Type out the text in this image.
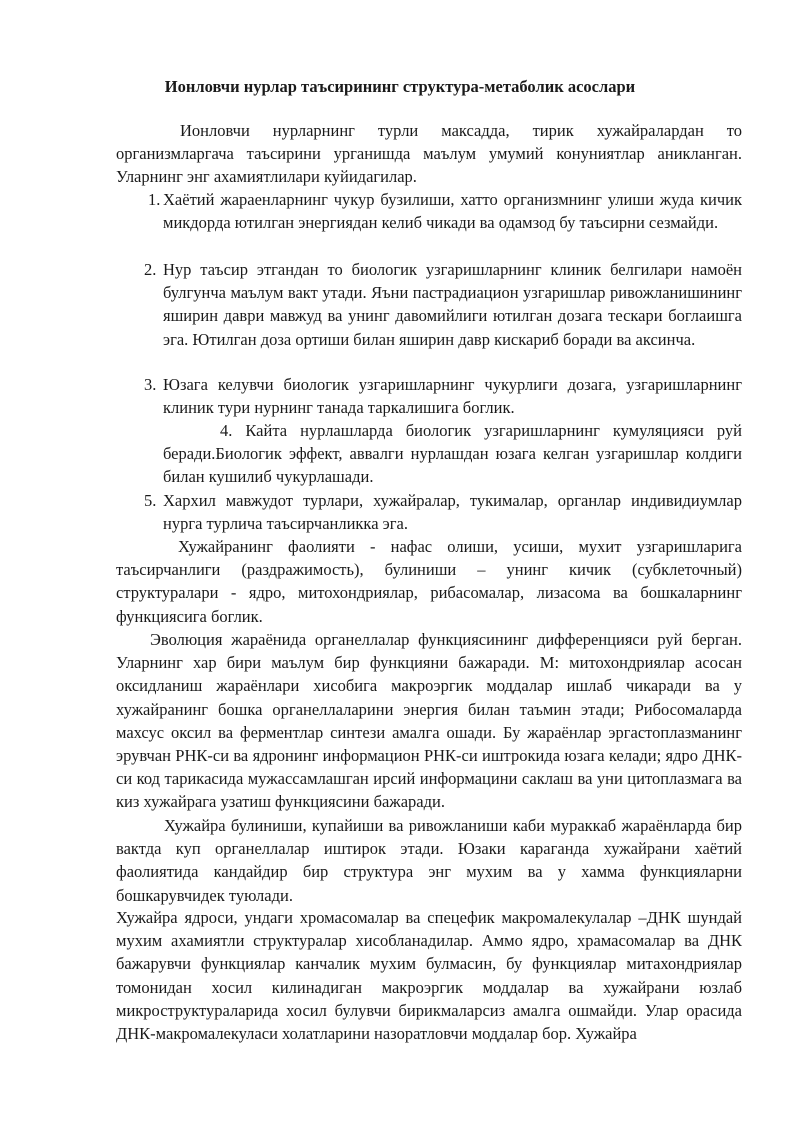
Ионловчи нурлар таъсирининг структура-метаболик асослари

Ионловчи нурларнинг турли максадда, тирик хужайралардан то организмларгача таъсирини урганишда маълум умумий конуниятлар аникланган. Уларнинг энг ахамиятлилари куйидагилар.

1. Хаётий жараенларнинг чукур бузилиши, хатто организмнинг улиши жуда кичик микдорда ютилган энергиядан келиб чикади ва одамзод бу таъсирни сезмайди.
2. Нур таъсир этгандан то биологик узгаришларнинг клиник белгилари намоён булгунча маълум вакт утади. Яъни пастрадиацион узгаришлар ривожланишининг яширин даври мавжуд ва унинг давомийлиги ютилган дозага тескари боглаишга эга. Ютилган доза ортиши билан яширин давр кискариб боради ва аксинча.
3. Юзага келувчи биологик узгаришларнинг чукурлиги дозага, узгаришларнинг клиник тури нурнинг танада таркалишига боглик.
4. Кайта нурлашларда биологик узгаришларнинг кумуляцияси руй беради.Биологик эффект, аввалги нурлашдан юзага келган узгаришлар колдиги билан кушилиб чукурлашади.
5. Хархил мавжудот турлари, хужайралар, тукималар, органлар индивидиумлар нурга турлича таъсирчанликка эга.

Хужайранинг фаолияти - нафас олиши, усиши, мухит узгаришларига таъсирчанлиги (раздражимость), булиниши – унинг кичик (субклеточный) структуралари - ядро, митохондриялар, рибасомалар, лизасома ва бошкаларнинг функциясига боглик.

Эволюция жараёнида органеллалар функциясининг дифференцияси руй берган. Уларнинг хар бири маълум бир функцияни бажаради. М: митохондриялар асосан оксидланиш жараёнлари хисобига макроэргик моддалар ишлаб чикаради ва у хужайранинг бошка органеллаларини энергия билан таъмин этади; Рибосомаларда махсус оксил ва ферментлар синтези амалга ошади. Бу жараёнлар эргастоплазманинг эрувчан РНК-си ва ядронинг информацион РНК-си иштрокида юзага келади; ядро ДНК-си код тарикасида мужассамлашган ирсий информацини саклаш ва уни цитоплазмага ва киз хужайрага узатиш функциясини бажаради.

Хужайра булиниши, купайиши ва ривожланиши каби мураккаб жараёнларда бир вактда куп органеллалар иштирок этади. Юзаки караганда хужайрани хаётий фаолиятида кандайдир бир структура энг мухим ва у хамма функцияларни бошкарувчидек туюлади.

Хужайра ядроси, ундаги хромасомалар ва спецефик макромалекулалар –ДНК шундай мухим ахамиятли структуралар хисобланадилар. Аммо ядро, храмасомалар ва ДНК бажарувчи функциялар канчалик мухим булмасин, бу функциялар митахондриялар томонидан хосил килинадиган макроэргик моддалар ва хужайрани юзлаб микроструктураларида хосил булувчи бирикмаларсиз амалга ошмайди. Улар орасида ДНК-макромалекуласи холатларини назоратловчи моддалар бор. Хужайра
